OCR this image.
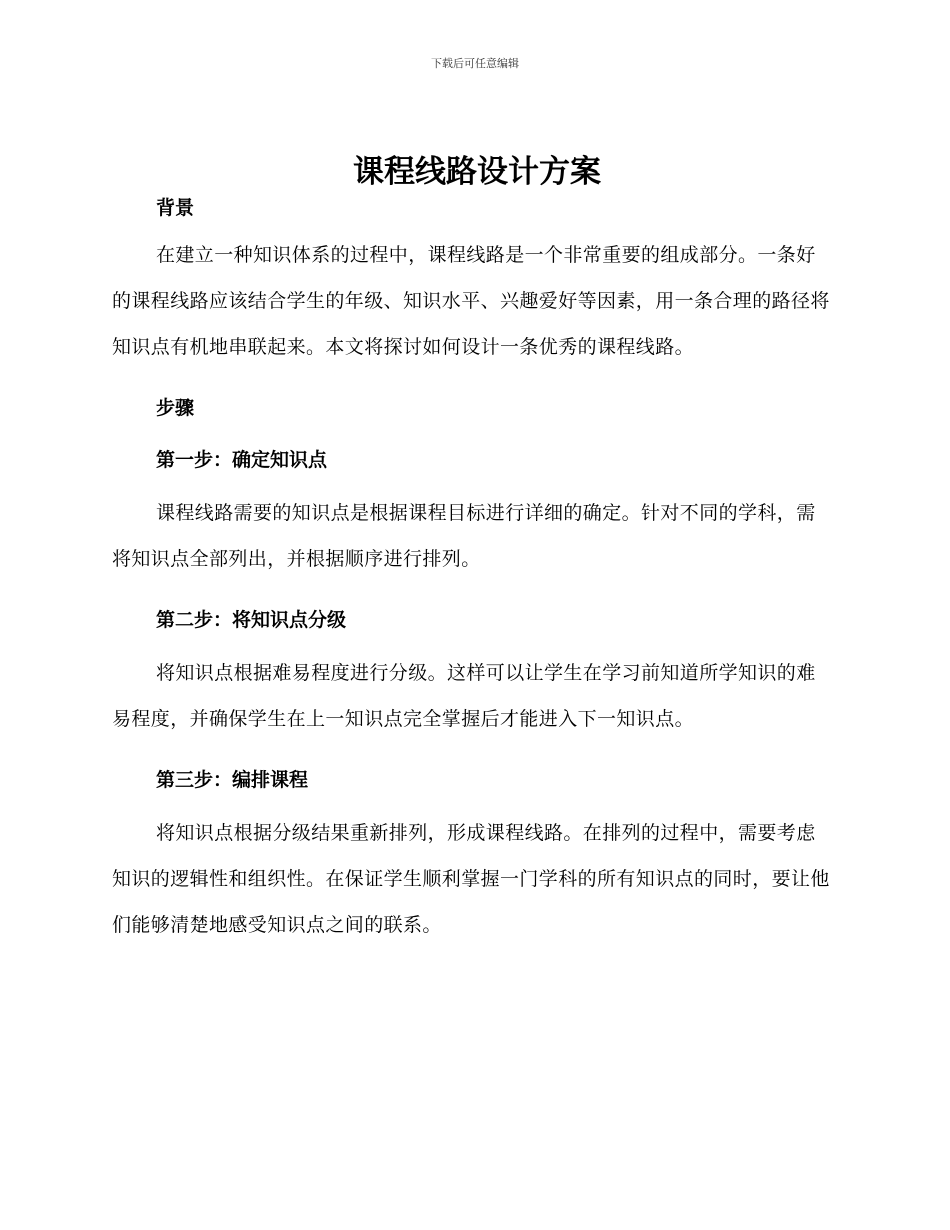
下载后可任意编辑
课程线路设计方案
背景

在建立一种知识体系的过程中，课程线路是一个非常重要的组成部分。一条好的课程线路应该结合学生的年级、知识水平、兴趣爱好等因素，用一条合理的路径将知识点有机地串联起来。本文将探讨如何设计一条优秀的课程线路。

步骤
第一步：确定知识点

课程线路需要的知识点是根据课程目标进行详细的确定。针对不同的学科，需将知识点全部列出，并根据顺序进行排列。

第二步：将知识点分级

将知识点根据难易程度进行分级。这样可以让学生在学习前知道所学知识的难易程度，并确保学生在上一知识点完全掌握后才能进入下一知识点。

第三步：编排课程

将知识点根据分级结果重新排列，形成课程线路。在排列的过程中，需要考虑知识的逻辑性和组织性。在保证学生顺利掌握一门学科的所有知识点的同时，要让他们能够清楚地感受知识点之间的联系。
